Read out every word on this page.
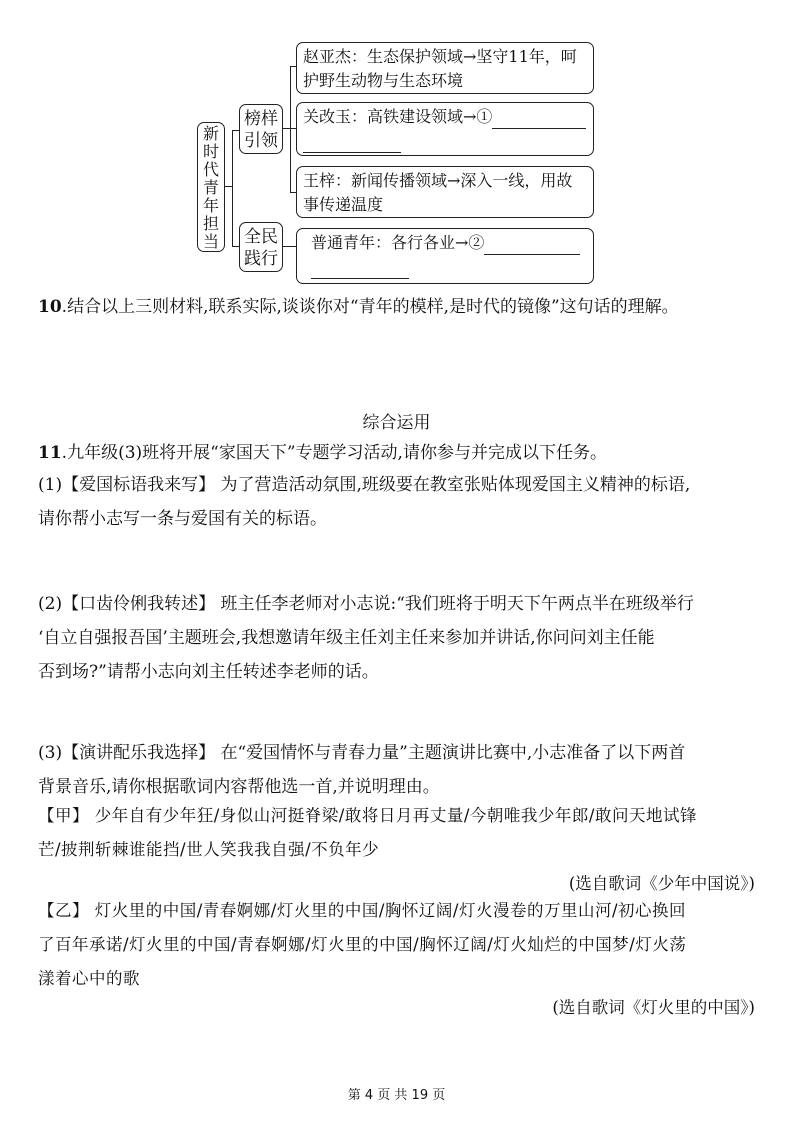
新时代青年担当
榜样引领
全民践行
赵亚杰：生态保护领域→坚守11年，呵
护野生动物与生态环境
关改玉：高铁建设领域→①
王梓：新闻传播领域→深入一线，用故
事传递温度
普通青年：各行各业→②
10.结合以上三则材料,联系实际,谈谈你对“青年的模样,是时代的镜像”这句话的理解。
综合运用
11.九年级(3)班将开展“家国天下”专题学习活动,请你参与并完成以下任务。
(1)【爱国标语我来写】 为了营造活动氛围,班级要在教室张贴体现爱国主义精神的标语,
请你帮小志写一条与爱国有关的标语。
(2)【口齿伶俐我转述】 班主任李老师对小志说:“我们班将于明天下午两点半在班级举行
‘自立自强报吾国’主题班会,我想邀请年级主任刘主任来参加并讲话,你问问刘主任能
否到场?”请帮小志向刘主任转述李老师的话。
(3)【演讲配乐我选择】 在“爱国情怀与青春力量”主题演讲比赛中,小志准备了以下两首
背景音乐,请你根据歌词内容帮他选一首,并说明理由。
【甲】 少年自有少年狂/身似山河挺脊梁/敢将日月再丈量/今朝唯我少年郎/敢问天地试锋
芒/披荆斩棘谁能挡/世人笑我我自强/不负年少
(选自歌词《少年中国说》)
【乙】 灯火里的中国/青春婀娜/灯火里的中国/胸怀辽阔/灯火漫卷的万里山河/初心换回
了百年承诺/灯火里的中国/青春婀娜/灯火里的中国/胸怀辽阔/灯火灿烂的中国梦/灯火荡
漾着心中的歌
(选自歌词《灯火里的中国》)
第 4 页 共 19 页
